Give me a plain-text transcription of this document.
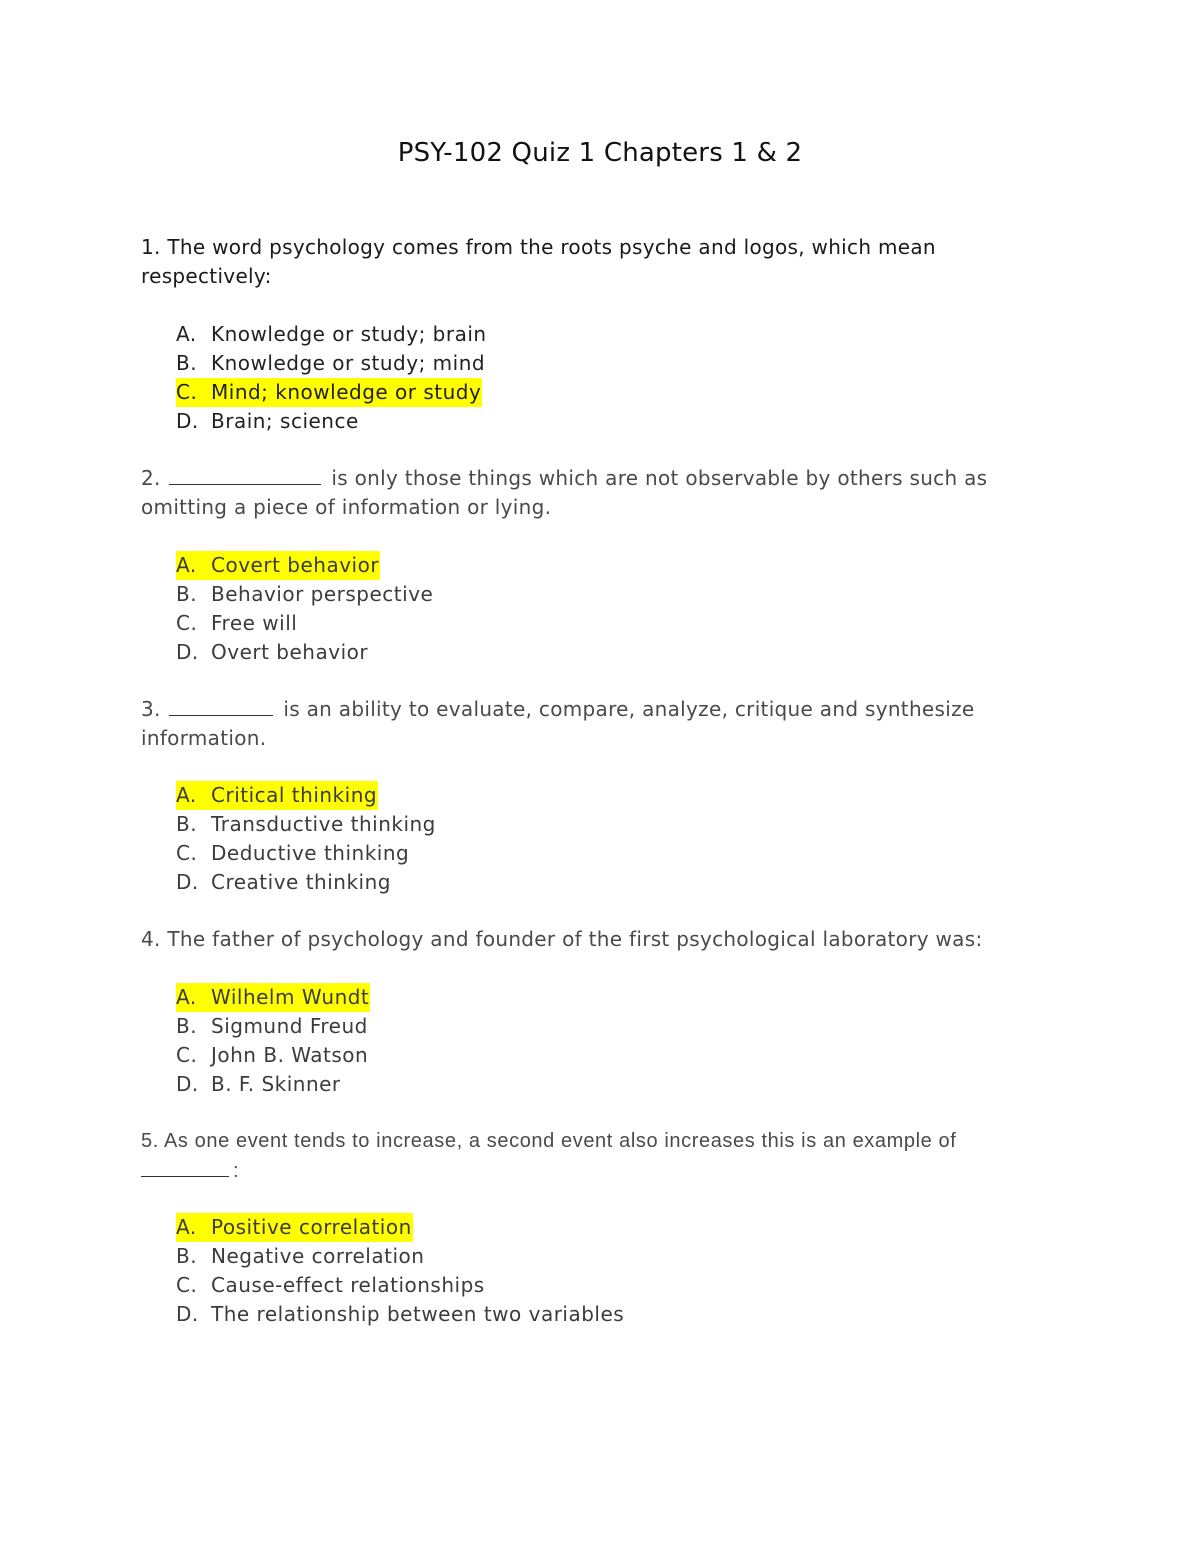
PSY-102 Quiz 1 Chapters 1 & 2

1. The word psychology comes from the roots psyche and logos, which mean respectively:

A. Knowledge or study; brain
B. Knowledge or study; mind
C. Mind; knowledge or study
D. Brain; science

2.	is only those things which are not observable by others such as omitting a piece of information or lying.

A. Covert behavior
B. Behavior perspective
C. Free will
D. Overt behavior

3.	is an ability to evaluate, compare, analyze, critique and synthesize information.

A. Critical thinking
B. Transductive thinking
C. Deductive thinking
D. Creative thinking

4. The father of psychology and founder of the first psychological laboratory was:

A. Wilhelm Wundt
B. Sigmund Freud
C. John B. Watson
D. B. F. Skinner

5. As one event tends to increase, a second event also increases this is an example of
:

A. Positive correlation
B. Negative correlation
C. Cause-effect relationships
D. The relationship between two variables
